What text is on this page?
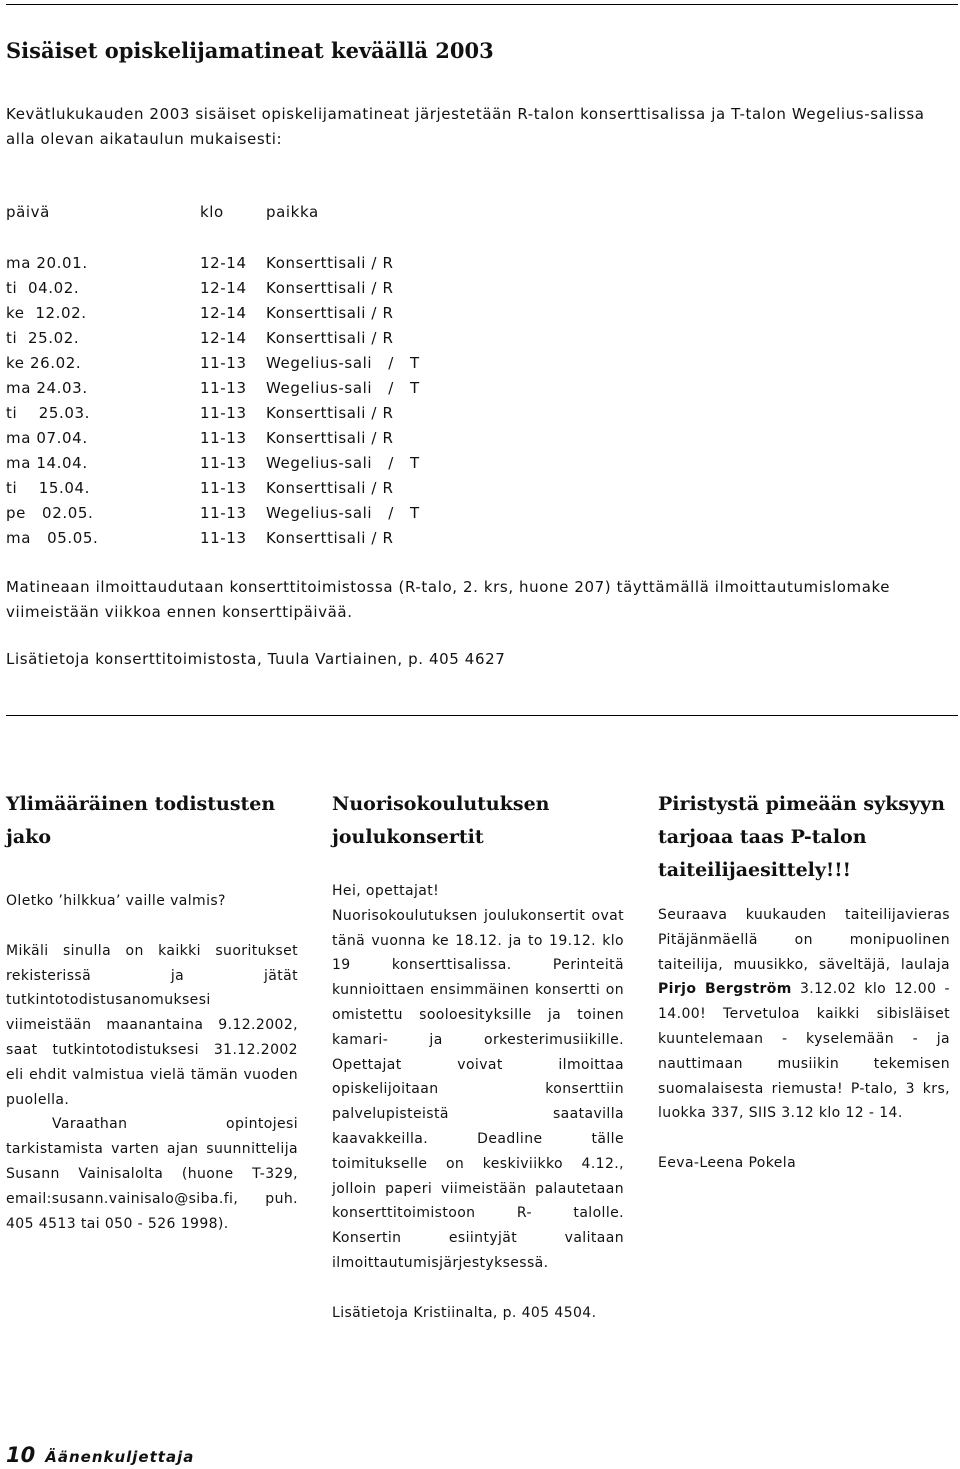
Sisäiset opiskelijamatineat keväällä 2003
Kevätlukukauden 2003 sisäiset opiskelijamatineat järjestetään R-talon konserttisalissa ja T-talon Wegelius-salissa alla olevan aikataulun mukaisesti:
päivä	klo	paikka
ma 20.01.	12-14 Konserttisali / R
ti  04.02.	12-14 Konserttisali / R
ke  12.02.	12-14 Konserttisali / R
ti  25.02.	12-14 Konserttisali / R
ke 26.02.	11-13 Wegelius-sali   /   T
ma 24.03.	11-13 Wegelius-sali   /   T
ti    25.03.	11-13 Konserttisali / R
ma 07.04.	11-13 Konserttisali / R
ma 14.04.	11-13 Wegelius-sali   /   T
ti    15.04.	11-13 Konserttisali / R
pe   02.05.	11-13 Wegelius-sali   /   T
ma   05.05.	11-13 Konserttisali / R
Matineaan ilmoittaudutaan konserttitoimistossa (R-talo, 2. krs, huone 207) täyttämällä ilmoittautumislomake viimeistään viikkoa ennen konserttipäivää.
Lisätietoja konserttitoimistosta, Tuula Vartiainen, p. 405 4627
Ylimääräinen todistusten jako

Oletko ’hilkkua’ vaille valmis?

Mikäli sinulla on kaikki suoritukset rekisterissä ja jätät tutkintotodistusanomuksesi viimeistään maanantaina 9.12.2002, saat tutkintotodistuksesi 31.12.2002 eli ehdit valmistua vielä tämän vuoden puolella.

Varaathan opintojesi tarkistamista varten ajan suunnittelija Susann Vainisalolta (huone T-329, email:susann.vainisalo@siba.fi, puh. 405 4513 tai 050 - 526 1998).

Nuorisokoulutuksen joulukonsertit

Hei, opettajat!

Nuorisokoulutuksen joulukonsertit ovat tänä vuonna ke 18.12. ja to 19.12. klo 19 konserttisalissa. Perinteitä kunnioittaen ensimmäinen konsertti on omistettu sooloesityksille ja toinen kamari- ja orkesterimusiikille. Opettajat voivat ilmoittaa opiskelijoitaan konserttiin palvelupisteistä saatavilla kaavakkeilla. Deadline tälle toimitukselle on keskiviikko 4.12., jolloin paperi viimeistään palautetaan konserttitoimistoon R- talolle. Konsertin esiintyjät valitaan ilmoittautumisjärjestyksessä.

Lisätietoja Kristiinalta, p. 405 4504.

Piristystä pimeään syksyyn tarjoaa taas P-talon taiteilijaesittely!!!

Seuraava kuukauden taiteilijavieras Pitäjänmäellä on monipuolinen taiteilija, muusikko, säveltäjä, laulaja Pirjo Bergström 3.12.02 klo 12.00 - 14.00! Tervetuloa kaikki sibisläiset kuuntelemaan - kyselemään - ja nauttimaan musiikin tekemisen suomalaisesta riemusta! P-talo, 3 krs, luokka 337, SIIS 3.12 klo 12 - 14.

Eeva-Leena Pokela

10 Äänenkuljettaja
